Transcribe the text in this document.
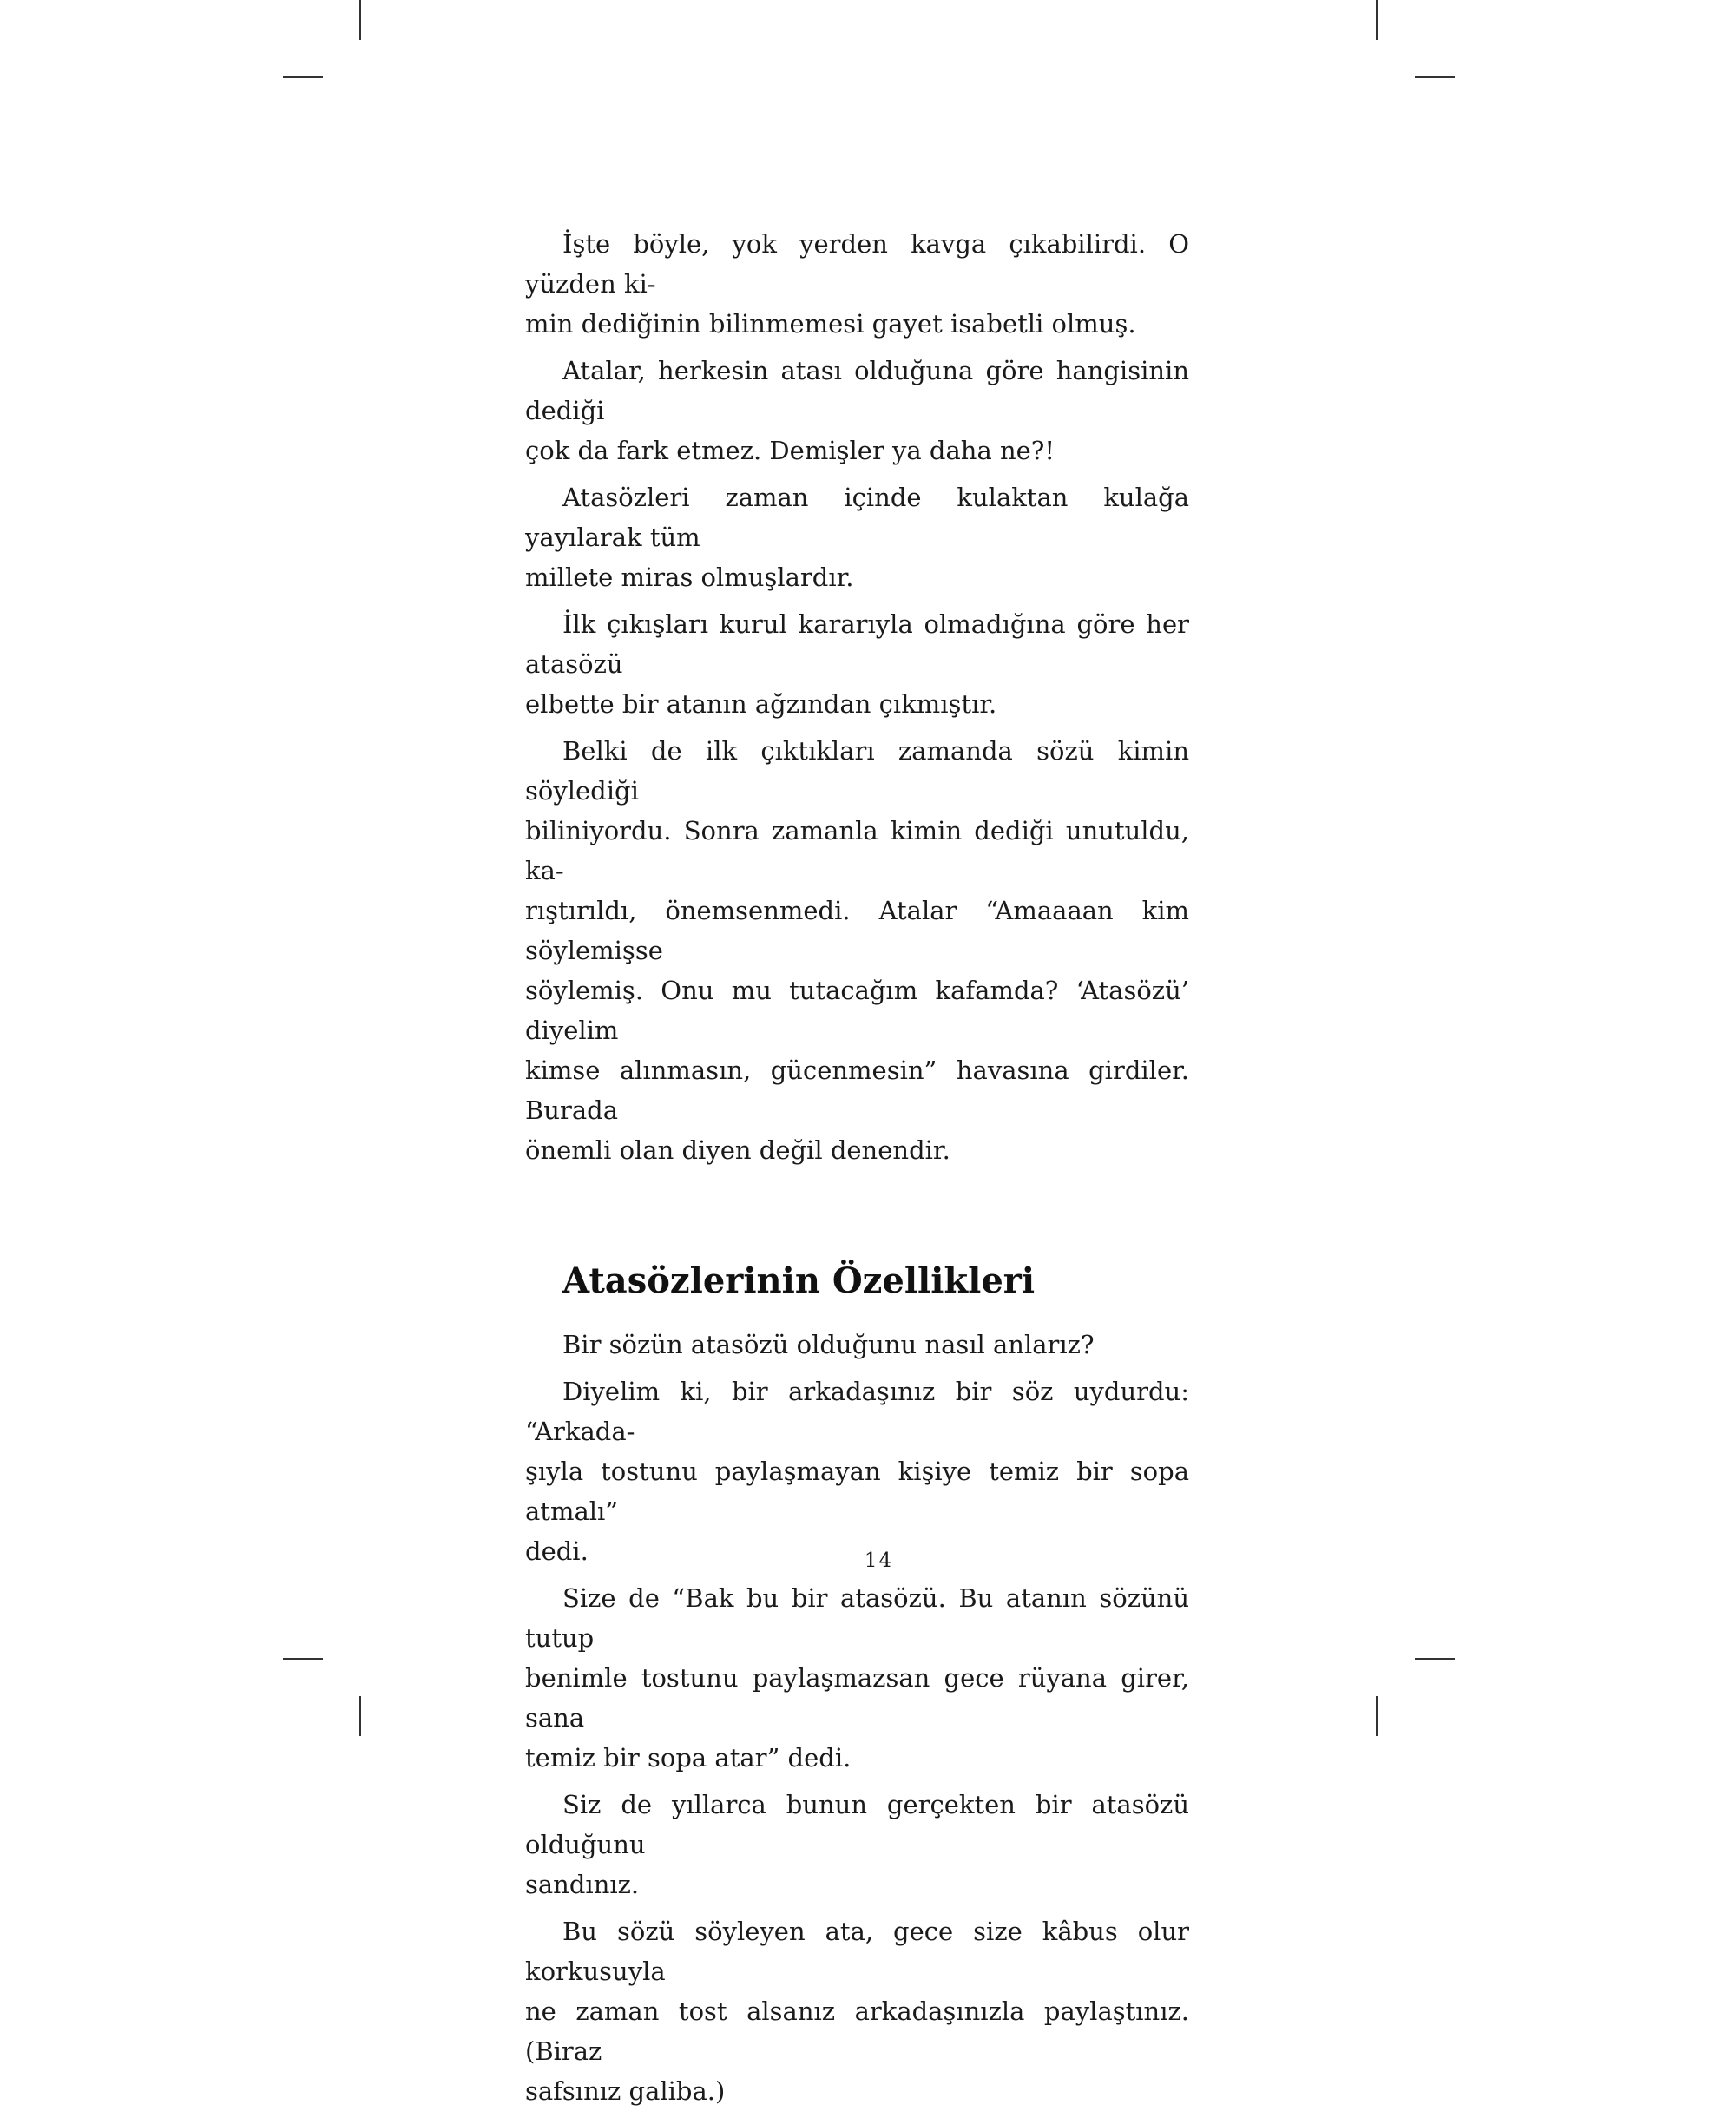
İşte böyle, yok yerden kavga çıkabilirdi. O yüzden ki-
min dediğinin bilinmemesi gayet isabetli olmuş.

Atalar, herkesin atası olduğuna göre hangisinin dediği
çok da fark etmez. Demişler ya daha ne?!

Atasözleri zaman içinde kulaktan kulağa yayılarak tüm
millete miras olmuşlardır.

İlk çıkışları kurul kararıyla olmadığına göre her atasözü
elbette bir atanın ağzından çıkmıştır.

Belki de ilk çıktıkları zamanda sözü kimin söylediği
biliniyordu. Sonra zamanla kimin dediği unutuldu, ka-
rıştırıldı, önemsenmedi. Atalar “Amaaaan kim söylemişse
söylemiş. Onu mu tutacağım kafamda? ‘Atasözü’ diyelim
kimse alınmasın, gücenmesin” havasına girdiler. Burada
önemli olan diyen değil denendir.

Atasözlerinin Özellikleri

Bir sözün atasözü olduğunu nasıl anlarız?

Diyelim ki, bir arkadaşınız bir söz uydurdu: “Arkada-
şıyla tostunu paylaşmayan kişiye temiz bir sopa atmalı”
dedi.

Size de “Bak bu bir atasözü. Bu atanın sözünü tutup
benimle tostunu paylaşmazsan gece rüyana girer, sana
temiz bir sopa atar” dedi.

Siz de yıllarca bunun gerçekten bir atasözü olduğunu
sandınız.

Bu sözü söyleyen ata, gece size kâbus olur korkusuyla
ne zaman tost alsanız arkadaşınızla paylaştınız. (Biraz
safsınız galiba.)

14
